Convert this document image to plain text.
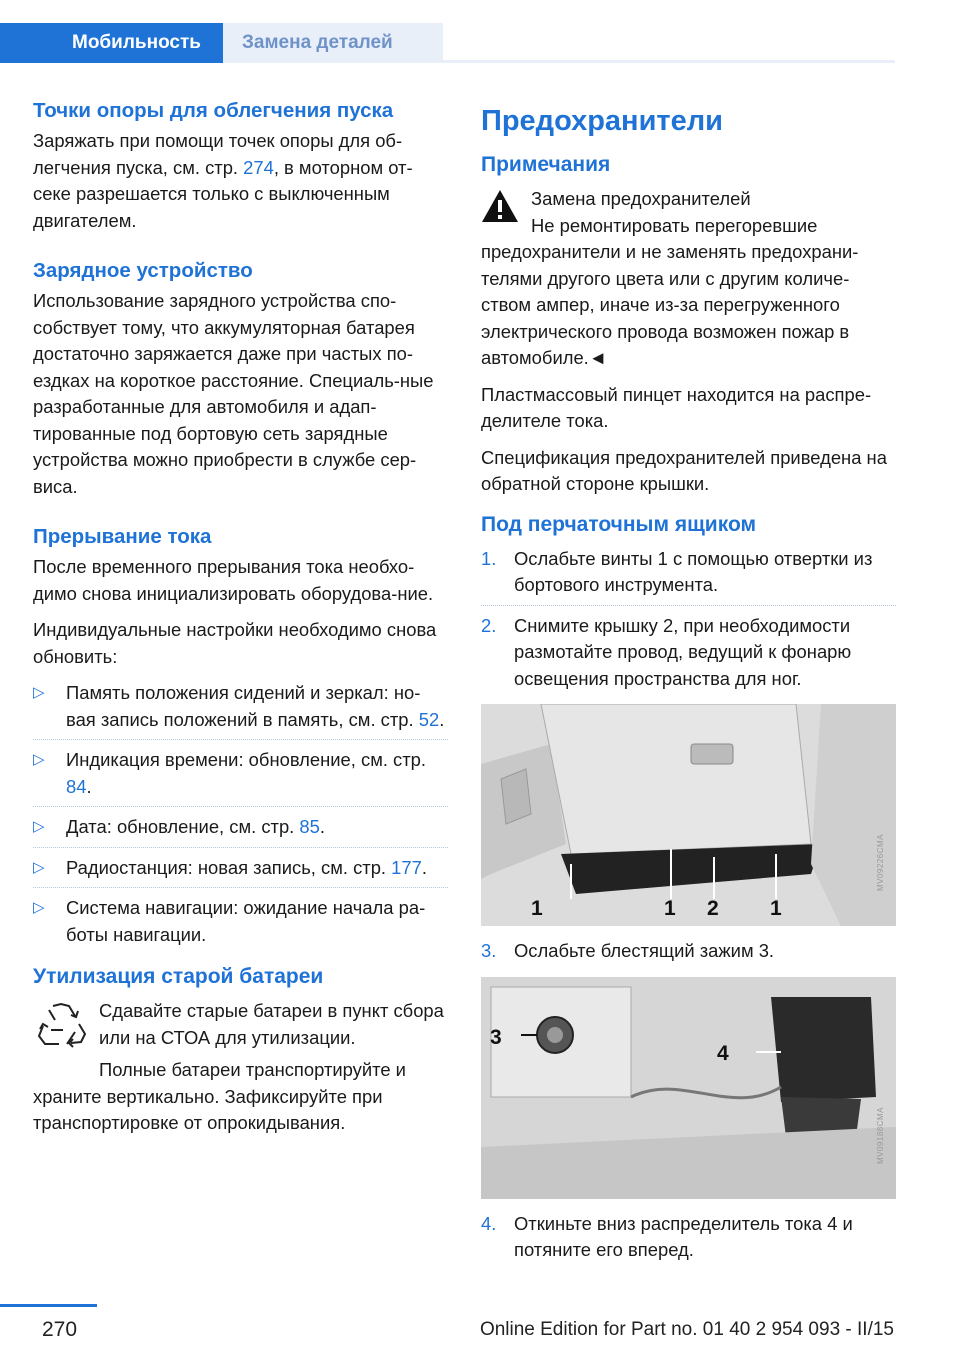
Мобильность	Замена деталей
Точки опоры для облегчения пуска

Заряжать при помощи точек опоры для об-легчения пуска, см. стр. 274, в моторном от-секе разрешается только с выключенным двигателем.

Зарядное устройство

Использование зарядного устройства спо-собствует тому, что аккумуляторная батарея достаточно заряжается даже при частых по-ездках на короткое расстояние. Специаль-ные разработанные для автомобиля и адап-тированные под бортовую сеть зарядные устройства можно приобрести в службе сер-виса.

Прерывание тока

После временного прерывания тока необхо-димо снова инициализировать оборудова-ние.

Индивидуальные настройки необходимо снова обновить:

▷ Память положения сидений и зеркал: но-вая запись положений в память, см. стр. 52.
▷ Индикация времени: обновление, см. стр. 84.
▷ Дата: обновление, см. стр. 85.
▷ Радиостанция: новая запись, см. стр. 177.
▷ Система навигации: ожидание начала ра-боты навигации.
Утилизация старой батареи

Сдавайте старые батареи в пункт сбора или на СТОА для утилизации.

Полные батареи транспортируйте и храните вертикально. Зафиксируйте при транспортировке от опрокидывания.

Предохранители
Примечания

Замена предохранителей

Не ремонтировать перегоревшие предохранители и не заменять предохрани-телями другого цвета или с другим количе-ством ампер, иначе из-за перегруженного электрического провода возможен пожар в автомобиле.◄

Пластмассовый пинцет находится на распре-делителе тока.

Спецификация предохранителей приведена на обратной стороне крышки.

Под перчаточным ящиком
1. Ослабьте винты 1 с помощью отвертки из бортового инструмента.
2. Снимите крышку 2, при необходимости размотайте провод, ведущий к фонарю освещения пространства для ног.
1	1 2 1
MV09226CMA
3. Ослабьте блестящий зажим 3.
3
4
MV09188CMA
4. Откиньте вниз распределитель тока 4 и потяните его вперед.
270	Online Edition for Part no. 01 40 2 954 093 - II/15
